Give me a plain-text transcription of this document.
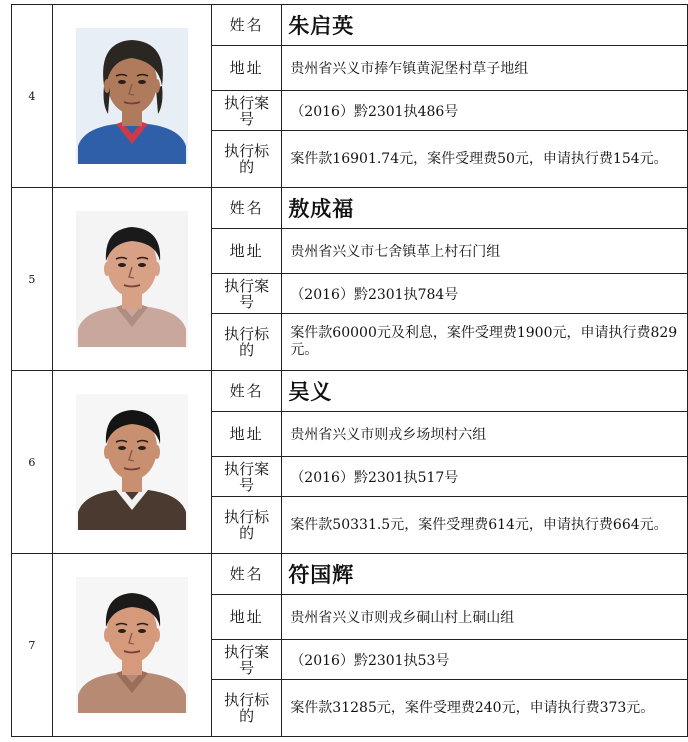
4		姓名	朱启英
		地址	贵州省兴义市捧乍镇黄泥堡村草子地组

		执行案号	（2016）黔2301执486号

		执行标的	案件款16901.74元，案件受理费50元，申请执行费154元。
5		姓名	敖成福
		地址	贵州省兴义市七舍镇革上村石门组

		执行案号	（2016）黔2301执784号

		执行标的	案件款60000元及利息，案件受理费1900元，申请执行费829元。
6		姓名	吴义
		地址	贵州省兴义市则戎乡场坝村六组

		执行案号	（2016）黔2301执517号

		执行标的	案件款50331.5元，案件受理费614元，申请执行费664元。
7		姓名	符国辉
		地址	贵州省兴义市则戎乡硐山村上硐山组

		执行案号	（2016）黔2301执53号

		执行标的	案件款31285元，案件受理费240元，申请执行费373元。
